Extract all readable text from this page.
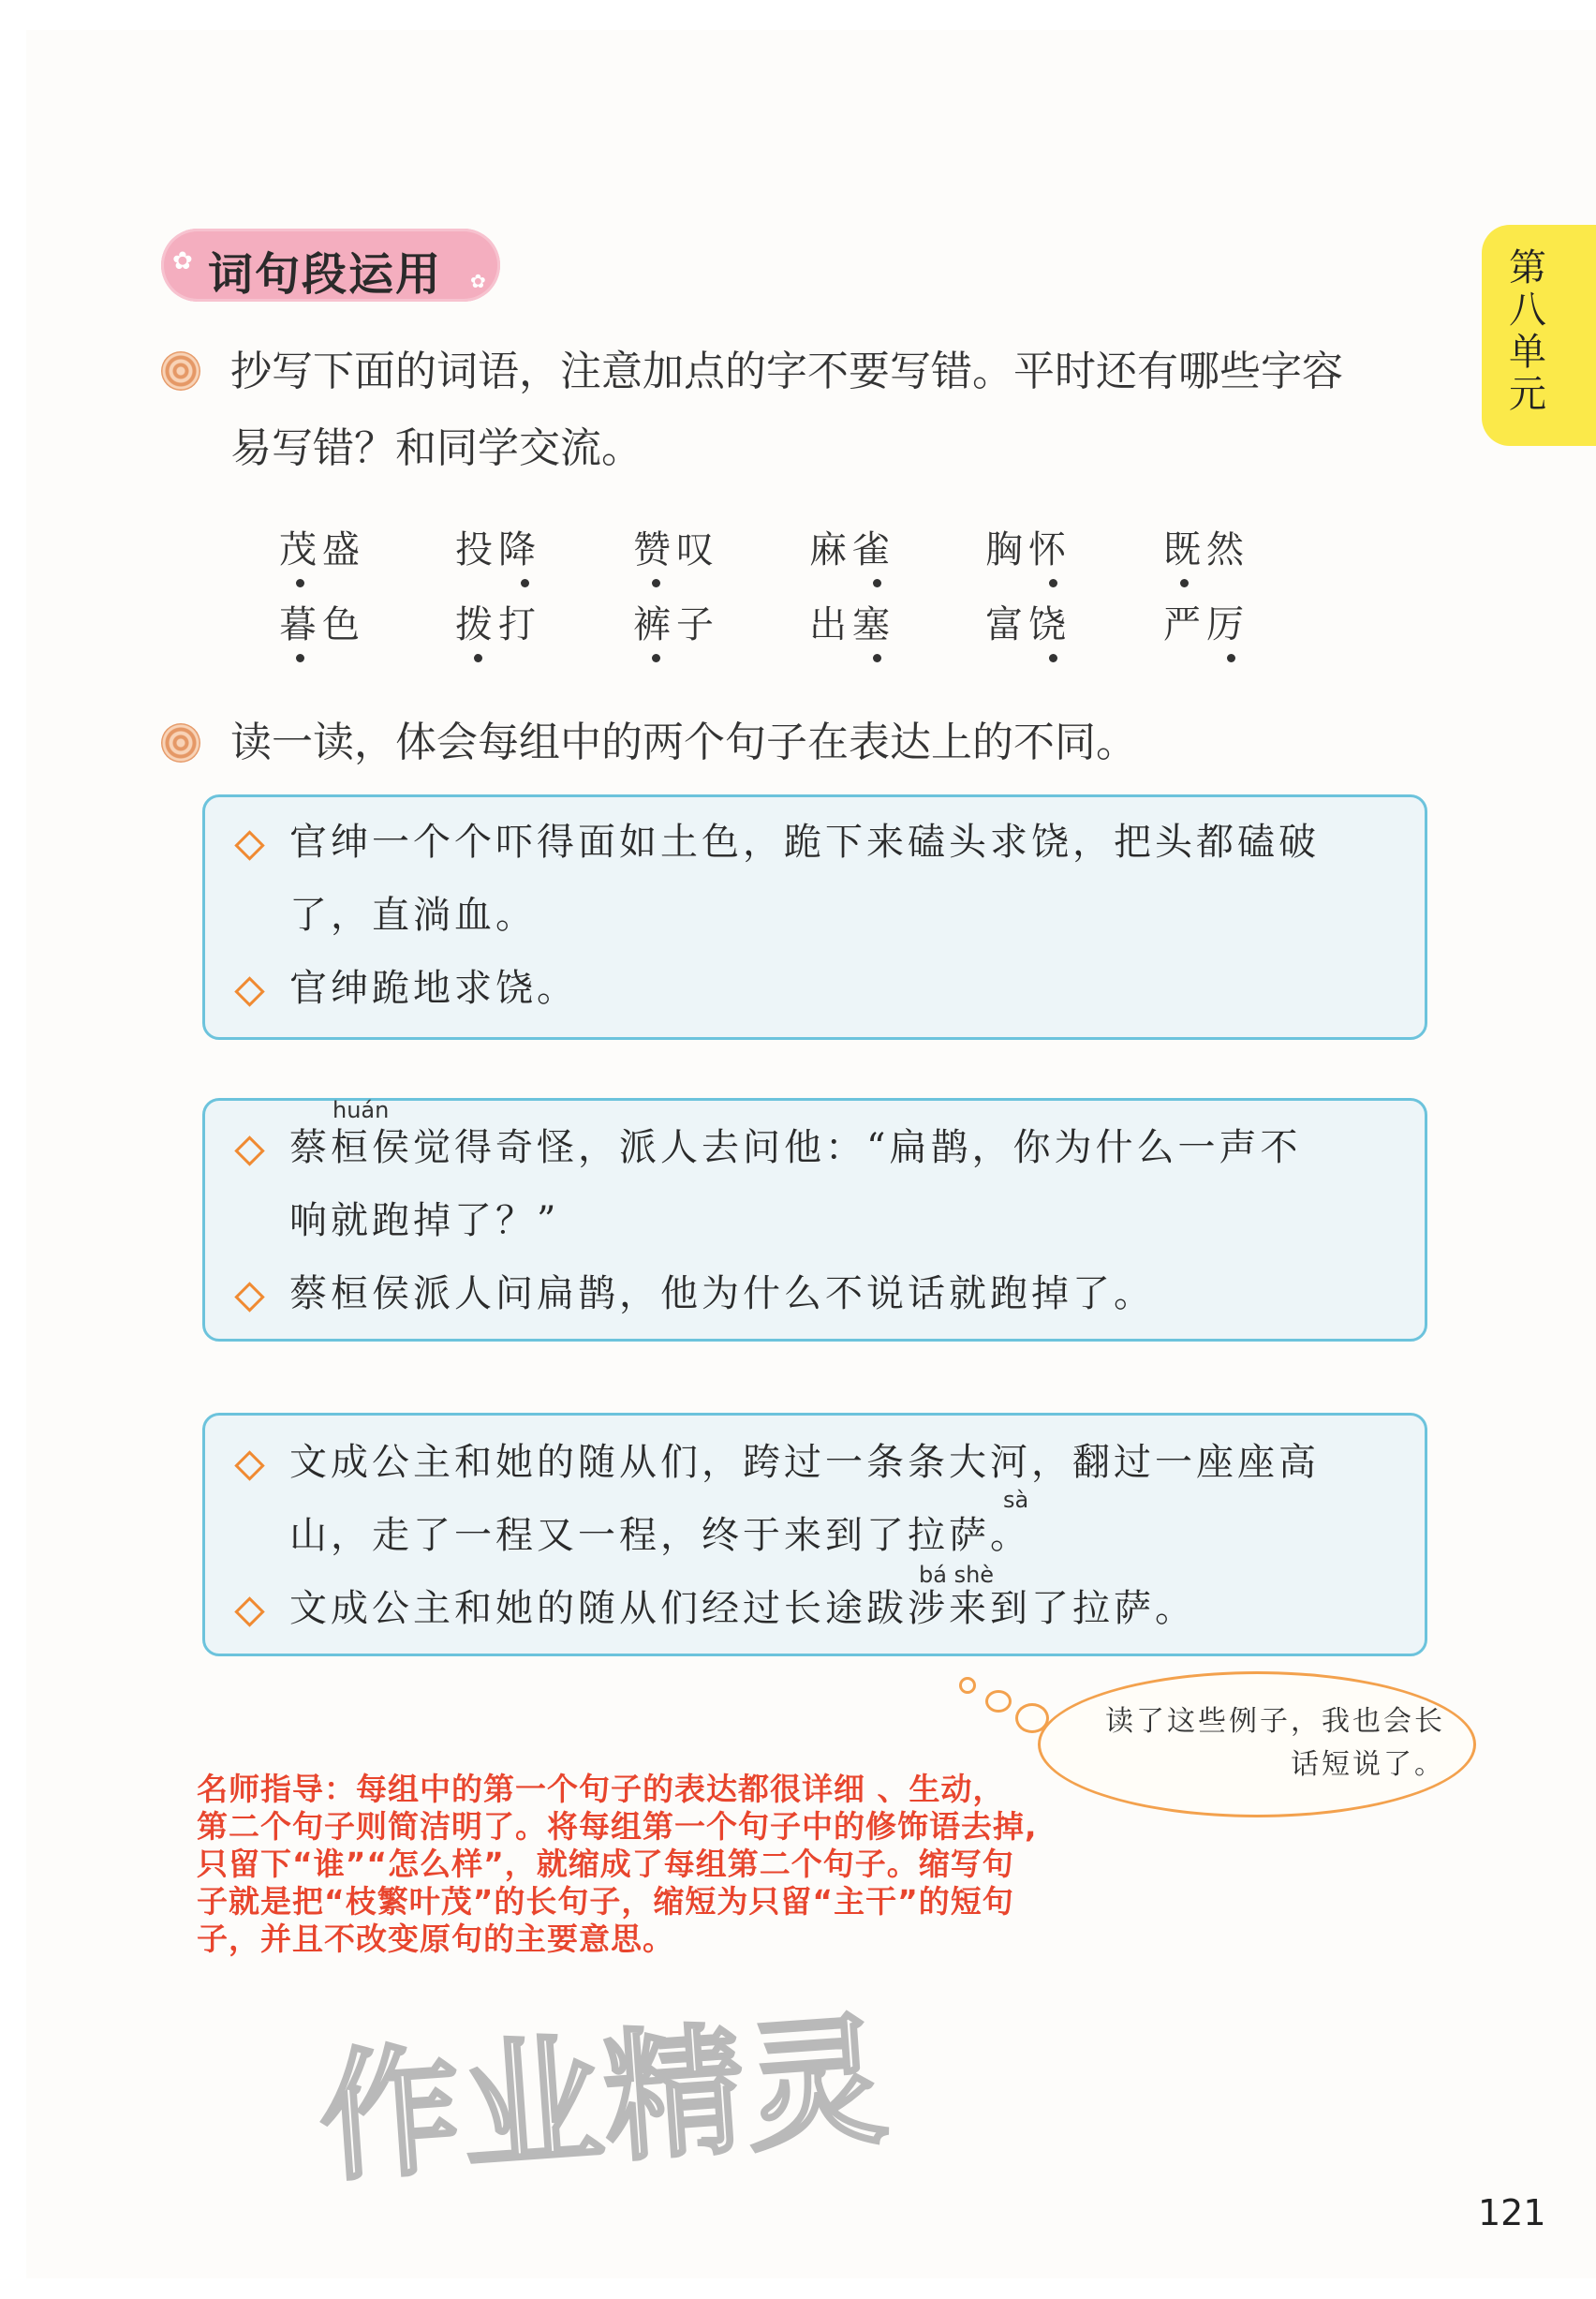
✿ 词句段运用 ✿	第八单元
抄写下面的词语，注意加点的字不要写错。平时还有哪些字容
易写错？和同学交流。
茂盛 投降 赞叹 麻雀 胸怀 既然
暮色 拨打 裤子 出塞 富饶 严厉
读一读，体会每组中的两个句子在表达上的不同。
官绅一个个吓得面如土色，跪下来磕头求饶，把头都磕破
了，直淌血。
官绅跪地求饶。
huán
蔡桓侯觉得奇怪，派人去问他：“扁鹊，你为什么一声不
响就跑掉了？”
蔡桓侯派人问扁鹊，他为什么不说话就跑掉了。
文成公主和她的随从们，跨过一条条大河，翻过一座座高
sà
山，走了一程又一程，终于来到了拉萨。
bá shè
文成公主和她的随从们经过长途跋涉来到了拉萨。
读了这些例子，我也会长话短说了。
名师指导：每组中的第一个句子的表达都很详细 、生动， 第二个句子则简洁明了。将每组第一个句子中的修饰语去掉,只留下“谁”“怎么样”，就缩成了每组第二个句子。缩写句子就是把“枝繁叶茂”的长句子，缩短为只留“主干”的短句子，并且不改变原句的主要意思。
作业精灵
121
